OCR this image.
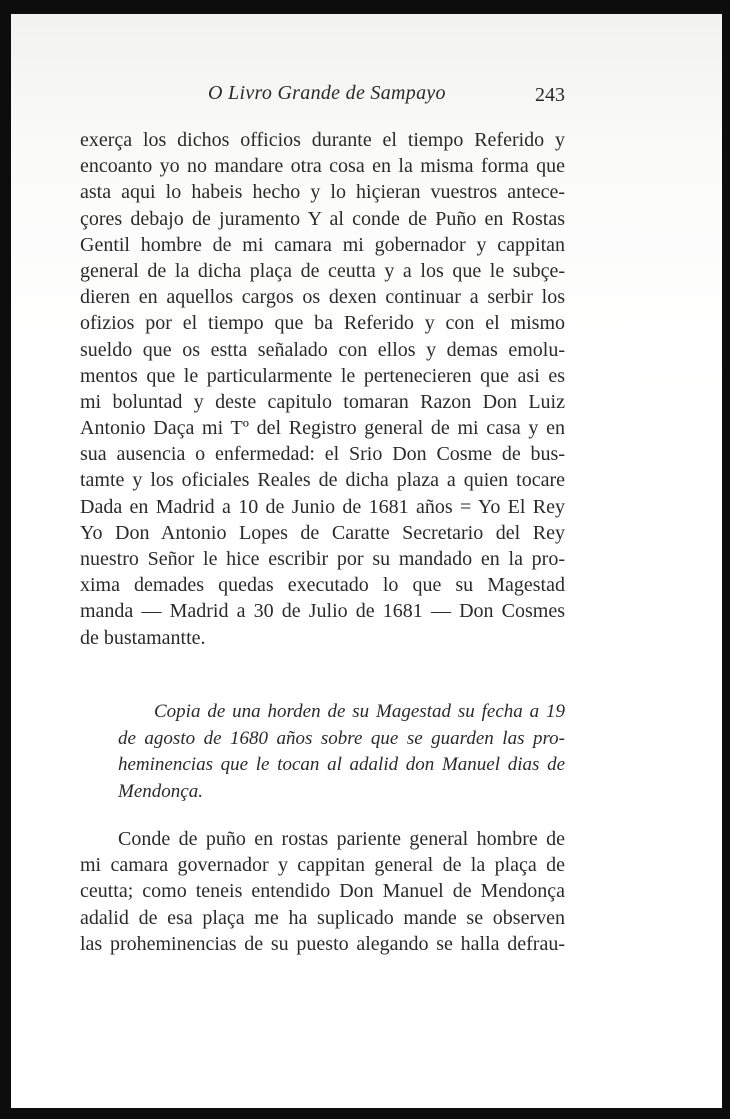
O Livro Grande de Sampayo	243
exerça los dichos officios durante el tiempo Referido y
encoanto yo no mandare otra cosa en la misma forma que
asta aqui lo habeis hecho y lo hiçieran vuestros antece-
çores debajo de juramento Y al conde de Puño en Rostas
Gentil hombre de mi camara mi gobernador y cappitan
general de la dicha plaça de ceutta y a los que le subçe-
dieren en aquellos cargos os dexen continuar a serbir los
ofizios por el tiempo que ba Referido y con el mismo
sueldo que os estta señalado con ellos y demas emolu-
mentos que le particularmente le pertenecieren que asi es
mi boluntad y deste capitulo tomaran Razon Don Luiz
Antonio Daça mi Tº del Registro general de mi casa y en
sua ausencia o enfermedad: el Srio Don Cosme de bus-
tamte y los oficiales Reales de dicha plaza a quien tocare
Dada en Madrid a 10 de Junio de 1681 años = Yo El Rey
Yo Don Antonio Lopes de Caratte Secretario del Rey
nuestro Señor le hice escribir por su mandado en la pro-
xima demades quedas executado lo que su Magestad
manda — Madrid a 30 de Julio de 1681 — Don Cosmes
de bustamantte.
Copia de una horden de su Magestad su fecha a 19
de agosto de 1680 años sobre que se guarden las pro-
heminencias que le tocan al adalid don Manuel dias de
Mendonça.
Conde de puño en rostas pariente general hombre de
mi camara governador y cappitan general de la plaça de
ceutta; como teneis entendido Don Manuel de Mendonça
adalid de esa plaça me ha suplicado mande se observen
las proheminencias de su puesto alegando se halla defrau-
